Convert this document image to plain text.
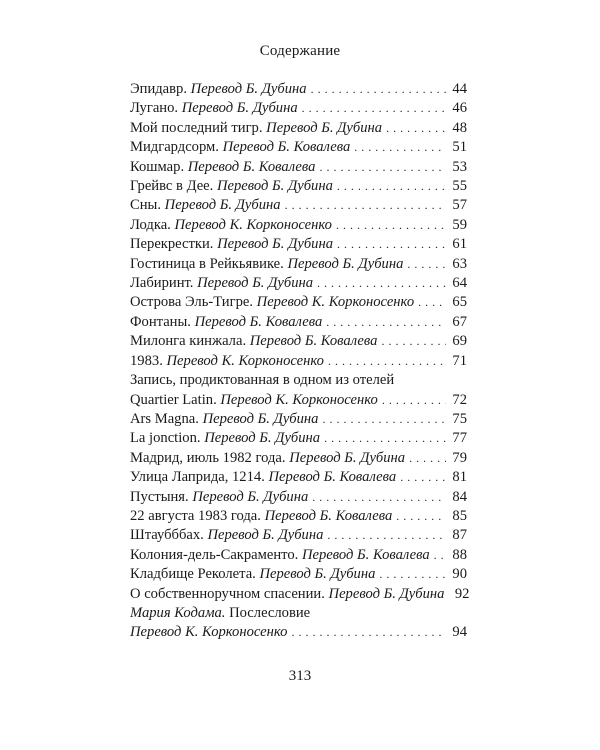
Содержание
Эпидавр. Перевод Б. Дубина . . .	44
Лугано. Перевод Б. Дубина . . .	46
Мой последний тигр. Перевод Б. Дубина . . .	48
Мидгардсорм. Перевод Б. Ковалева . . .	51
Кошмар. Перевод Б. Ковалева . . .	53
Грейвс в Дее. Перевод Б. Дубина . . .	55
Сны. Перевод Б. Дубина . . .	57
Лодка. Перевод К. Корконосенко . . .	59
Перекрестки. Перевод Б. Дубина . . .	61
Гостиница в Рейкьявике. Перевод Б. Дубина . . .	63
Лабиринт. Перевод Б. Дубина . . .	64
Острова Эль-Тигре. Перевод К. Корконосенко . . .	65
Фонтаны. Перевод Б. Ковалева . . .	67
Милонга кинжала. Перевод Б. Ковалева . . .	69
1983. Перевод К. Корконосенко . . .	71
Запись, продиктованная в одном из отелей
Quartier Latin. Перевод К. Корконосенко . . .	72
Ars Magna. Перевод Б. Дубина . . .	75
La jonction. Перевод Б. Дубина . . .	77
Мадрид, июль 1982 года. Перевод Б. Дубина . . .	79
Улица Лаприда, 1214. Перевод Б. Ковалева . . .	81
Пустыня. Перевод Б. Дубина . . .	84
22 августа 1983 года. Перевод Б. Ковалева . . .	85
Штаубббах. Перевод Б. Дубина . . .	87
Колония-дель-Сакраменто. Перевод Б. Ковалева . . . 88
Кладбище Реколета. Перевод Б. Дубина . . .	90
О собственноручном спасении. Перевод Б. Дубина 92
Мария Кодама.
Послесловие
Перевод К. Корконосенко . . .	94
313
